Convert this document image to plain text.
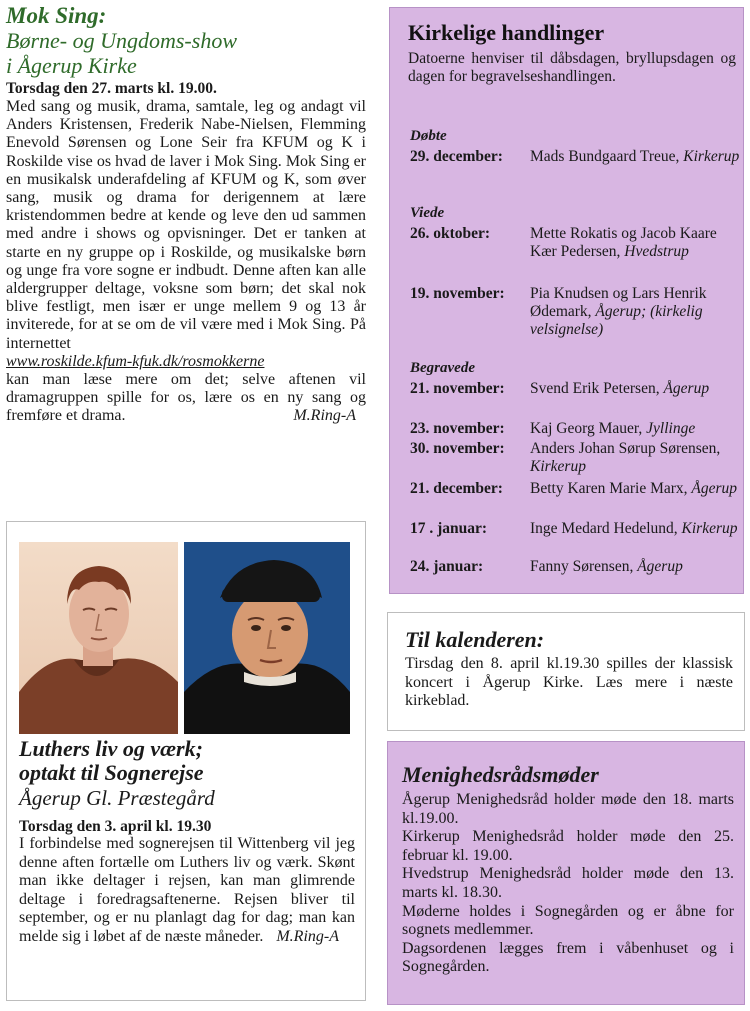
Mok Sing:
Børne- og Ungdoms-show
i Ågerup Kirke
Torsdag den 27. marts kl. 19.00.
Med sang og musik, drama, samtale, leg og andagt vil Anders Kristensen, Frederik Nabe-Nielsen, Flemming Enevold Sørensen og Lone Seir fra KFUM og K i Roskilde vise os hvad de laver i Mok Sing. Mok Sing er en musikalsk underafdeling af KFUM og K, som øver sang, musik og drama for derigennem at lære kristendommen bedre at kende og leve den ud sammen med andre i shows og opvisninger. Det er tanken at starte en ny gruppe op i Roskilde, og musikalske børn og unge fra vore sogne er indbudt. Denne aften kan alle aldergrupper deltage, voksne som børn; det skal nok blive festligt, men især er unge mellem 9 og 13 år inviterede, for at se om de vil være med i Mok Sing. På internettet
www.roskilde.kfum-kfuk.dk/rosmokkerne
kan man læse mere om det; selve aftenen vil dramagruppen spille for os, lære os en ny sang og fremføre et drama.	M.Ring-A
Kirkelige handlinger
Datoerne henviser til dåbsdagen, bryllupsdagen og dagen for begravelseshandlingen.
Døbte
29. december: Mads Bundgaard Treue, Kirkerup
Viede
26. oktober:	Mette Rokatis og Jacob Kaare Kær Pedersen, Hvedstrup
19. november: Pia Knudsen og Lars Henrik Ødemark, Ågerup; (kirkelig velsignelse)
Begravede
21. november: Svend Erik Petersen, Ågerup
23. november: Kaj Georg Mauer, Jyllinge
30. november: Anders Johan Sørup Sørensen, Kirkerup
21. december: Betty Karen Marie Marx, Ågerup
17 . januar:	Inge Medard Hedelund, Kirkerup
24. januar:	Fanny Sørensen, Ågerup
Luthers liv og værk;
optakt til Sognerejse
Ågerup Gl. Præstegård
Torsdag den 3. april kl. 19.30
I forbindelse med sognerejsen til Wittenberg vil jeg denne aften fortælle om Luthers liv og værk. Skønt man ikke deltager i rejsen, kan man glimrende deltage i foredragsaftenerne. Rejsen bliver til september, og er nu planlagt dag for dag; man kan melde sig i løbet af de næste måneder. M.Ring-A
Til kalenderen:
Tirsdag den 8. april kl.19.30 spilles der klassisk koncert i Ågerup Kirke. Læs mere i næste kirkeblad.
Menighedsrådsmøder

Ågerup Menighedsråd holder møde den 18. marts kl.19.00.

Kirkerup Menighedsråd holder møde den 25. februar kl. 19.00.

Hvedstrup Menighedsråd holder møde den 13. marts kl. 18.30.

Møderne holdes i Sognegården og er åbne for sognets medlemmer.

Dagsordenen lægges frem i våbenhuset og i Sognegården.
